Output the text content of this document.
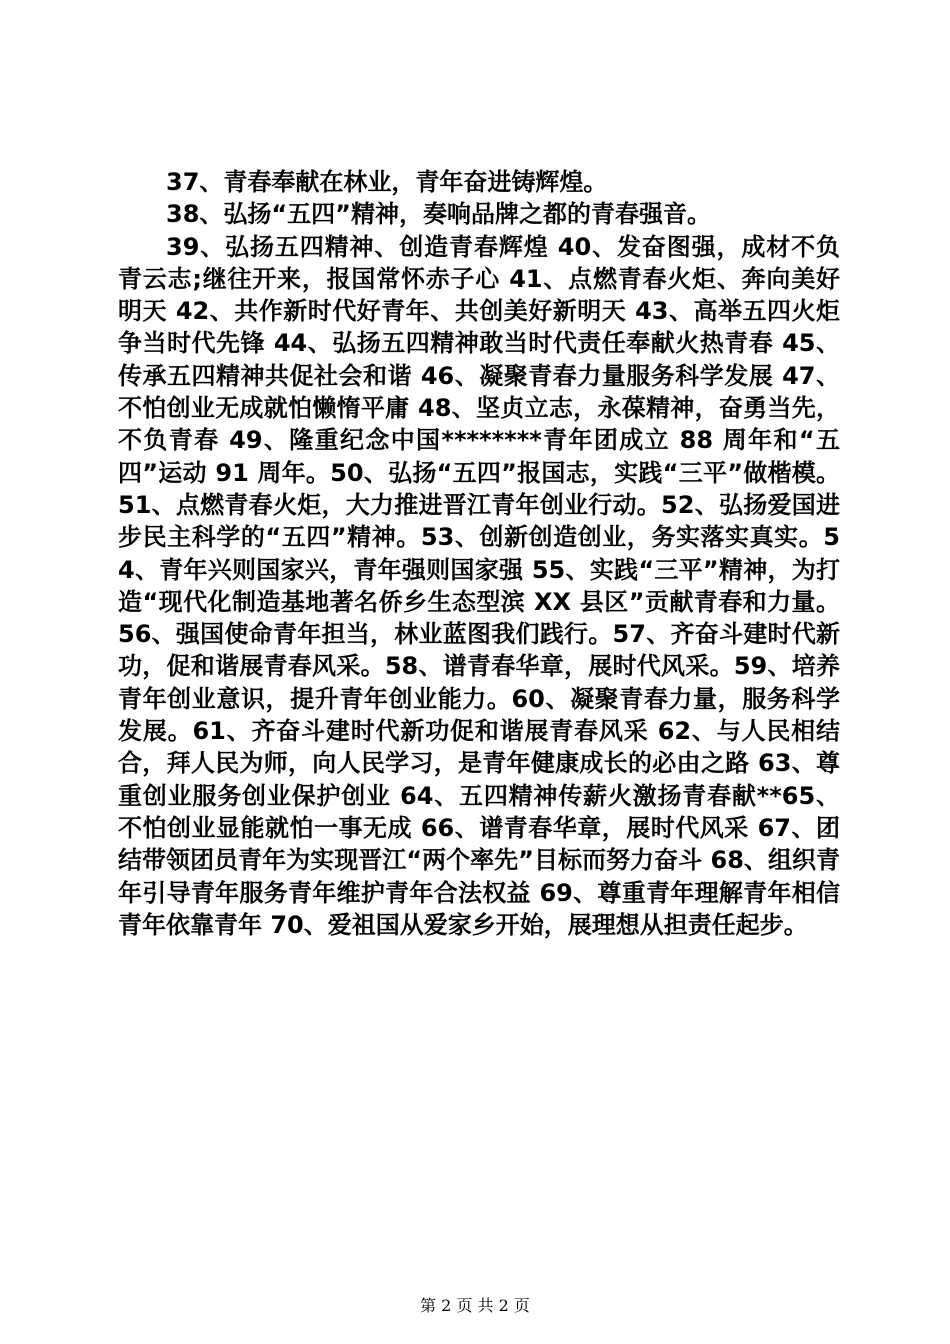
37、青春奉献在林业，青年奋进铸辉煌。

38、弘扬“五四”精神，奏响品牌之都的青春强音。

39、弘扬五四精神、创造青春辉煌 40、发奋图强，成材不负青云志;继往开来，报国常怀赤子心 41、点燃青春火炬、奔向美好明天 42、共作新时代好青年、共创美好新明天 43、高举五四火炬争当时代先锋 44、弘扬五四精神敢当时代责任奉献火热青春 45、传承五四精神共促社会和谐 46、凝聚青春力量服务科学发展 47、不怕创业无成就怕懒惰平庸 48、坚贞立志，永葆精神，奋勇当先，不负青春 49、隆重纪念中国********青年团成立 88 周年和“五四”运动 91 周年。50、弘扬“五四”报国志，实践“三平”做楷模。51、点燃青春火炬，大力推进晋江青年创业行动。52、弘扬爱国进步民主科学的“五四”精神。53、创新创造创业，务实落实真实。54、青年兴则国家兴，青年强则国家强 55、实践“三平”精神，为打造“现代化制造基地著名侨乡生态型滨 XX 县区”贡献青春和力量。56、强国使命青年担当，林业蓝图我们践行。57、齐奋斗建时代新功，促和谐展青春风采。58、谱青春华章，展时代风采。59、培养青年创业意识，提升青年创业能力。60、凝聚青春力量，服务科学发展。61、齐奋斗建时代新功促和谐展青春风采 62、与人民相结合，拜人民为师，向人民学习，是青年健康成长的必由之路 63、尊重创业服务创业保护创业 64、五四精神传薪火激扬青春献**65、不怕创业显能就怕一事无成 66、谱青春华章，展时代风采 67、团结带领团员青年为实现晋江“两个率先”目标而努力奋斗 68、组织青年引导青年服务青年维护青年合法权益 69、尊重青年理解青年相信青年依靠青年 70、爱祖国从爱家乡开始，展理想从担责任起步。

第 2 页 共 2 页
